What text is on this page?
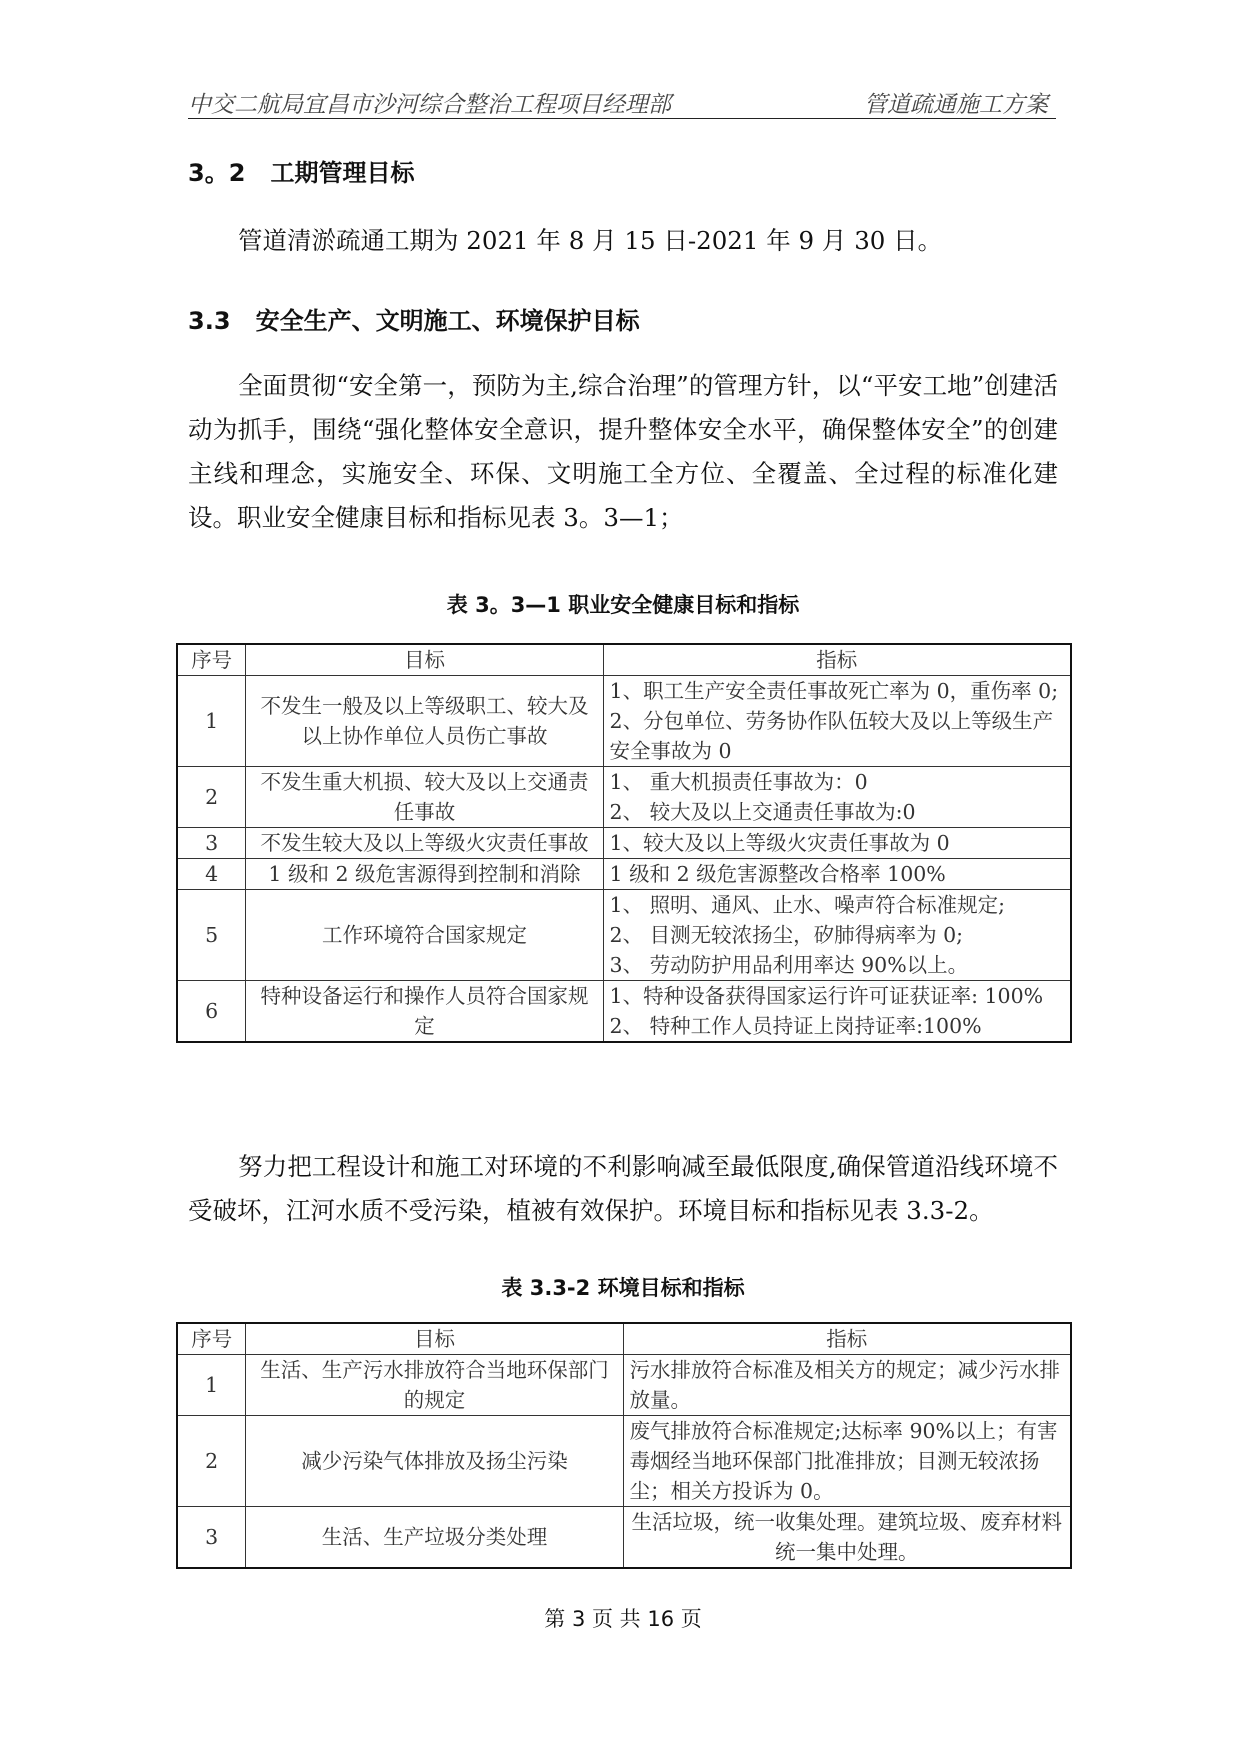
中交二航局宜昌市沙河综合整治工程项目经理部	管道疏通施工方案
3。2   工期管理目标
管道清淤疏通工期为 2021 年 8 月 15 日-2021 年 9 月 30 日。
3.3   安全生产、文明施工、环境保护目标
全面贯彻“安全第一，预防为主,综合治理”的管理方针，以“平安工地”创建活动为抓手，围绕“强化整体安全意识，提升整体安全水平，确保整体安全”的创建主线和理念，实施安全、环保、文明施工全方位、全覆盖、全过程的标准化建设。职业安全健康目标和指标见表 3。3—1；
表 3。3—1 职业安全健康目标和指标
序号	目标	指标
1	不发生一般及以上等级职工、较大及以上协作单位人员伤亡事故	1、职工生产安全责任事故死亡率为 0，重伤率 0;
2、分包单位、劳务协作队伍较大及以上等级生产安全事故为 0

2	不发生重大机损、较大及以上交通责任事故	1、 重大机损责任事故为：0
2、 较大及以上交通责任事故为:0

3	不发生较大及以上等级火灾责任事故	1、较大及以上等级火灾责任事故为 0

4	1 级和 2 级危害源得到控制和消除	1 级和 2 级危害源整改合格率 100%

5	工作环境符合国家规定	1、 照明、通风、止水、噪声符合标准规定;
2、 目测无较浓扬尘，矽肺得病率为 0;
3、 劳动防护用品利用率达 90%以上。

6	特种设备运行和操作人员符合国家规定	1、特种设备获得国家运行许可证获证率: 100%
2、 特种工作人员持证上岗持证率:100%
努力把工程设计和施工对环境的不利影响减至最低限度,确保管道沿线环境不受破坏，江河水质不受污染，植被有效保护。环境目标和指标见表 3.3-2。
表 3.3-2 环境目标和指标
序号	目标	指标
1	生活、生产污水排放符合当地环保部门的规定	污水排放符合标准及相关方的规定；减少污水排放量。
2	减少污染气体排放及扬尘污染	废气排放符合标准规定;达标率 90%以上；有害毒烟经当地环保部门批准排放；目测无较浓扬尘；相关方投诉为 0。
3	生活、生产垃圾分类处理	生活垃圾，统一收集处理。建筑垃圾、废弃材料统一集中处理。
第 3 页 共 16 页
